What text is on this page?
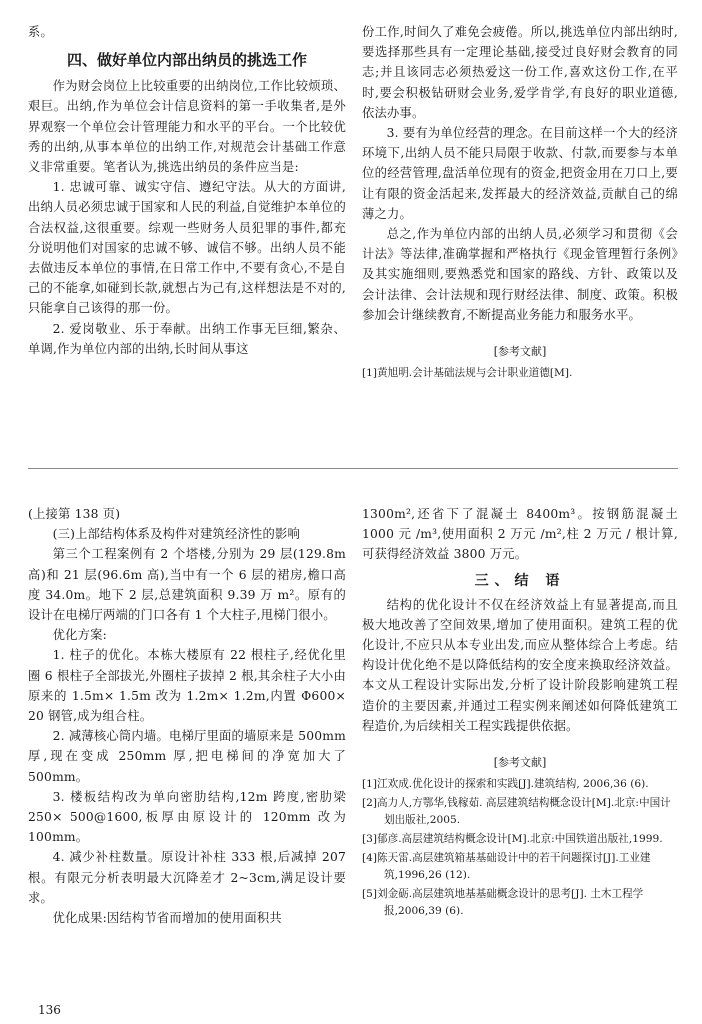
系。

四、做好单位内部出纳员的挑选工作

作为财会岗位上比较重要的出纳岗位,工作比较烦琐、艰巨。出纳,作为单位会计信息资料的第一手收集者,是外界观察一个单位会计管理能力和水平的平台。一个比较优秀的出纳,从事本单位的出纳工作,对规范会计基础工作意义非常重要。笔者认为,挑选出纳员的条件应当是:

1. 忠诚可靠、诚实守信、遵纪守法。从大的方面讲,出纳人员必须忠诚于国家和人民的利益,自觉维护本单位的合法权益,这很重要。综观一些财务人员犯罪的事件,都充分说明他们对国家的忠诚不够、诚信不够。出纳人员不能去做违反本单位的事情,在日常工作中,不要有贪心,不是自己的不能拿,如碰到长款,就想占为己有,这样想法是不对的,只能拿自己该得的那一份。

2. 爱岗敬业、乐于奉献。出纳工作事无巨细,繁杂、单调,作为单位内部的出纳,长时间从事这

份工作,时间久了难免会疲倦。所以,挑选单位内部出纳时,要选择那些具有一定理论基础,接受过良好财会教育的同志;并且该同志必须热爱这一份工作,喜欢这份工作,在平时,要会积极钻研财会业务,爱学肯学,有良好的职业道德,依法办事。

3. 要有为单位经营的理念。在目前这样一个大的经济环境下,出纳人员不能只局限于收款、付款,而要参与本单位的经营管理,盘活单位现有的资金,把资金用在刀口上,要让有限的资金活起来,发挥最大的经济效益,贡献自己的绵薄之力。

总之,作为单位内部的出纳人员,必须学习和贯彻《会计法》等法律,准确掌握和严格执行《现金管理暂行条例》及其实施细则,要熟悉党和国家的路线、方针、政策以及会计法律、会计法规和现行财经法律、制度、政策。积极参加会计继续教育,不断提高业务能力和服务水平。

[参考文献]

[1]黄旭明.会计基础法规与会计职业道德[M].

(上接第 138 页)

(三)上部结构体系及构件对建筑经济性的影响

第三个工程案例有 2 个塔楼,分别为 29 层(129.8m 高)和 21 层(96.6m 高),当中有一个 6 层的裙房,檐口高度 34.0m。地下 2 层,总建筑面积 9.39 万 m²。原有的设计在电梯厅两端的门口各有 1 个大柱子,甩梯门很小。

优化方案:

1. 柱子的优化。本栋大楼原有 22 根柱子,经优化里圈 6 根柱子全部拔光,外圈柱子拔掉 2 根,其余柱子大小由原来的 1.5m× 1.5m 改为 1.2m× 1.2m,内置 Φ600× 20 钢管,成为组合柱。

2. 减薄核心筒内墙。电梯厅里面的墙原来是 500mm 厚,现在变成 250mm 厚,把电梯间的净宽加大了 500mm。

3. 楼板结构改为单向密肋结构,12m 跨度,密肋梁 250× 500@1600,板厚由原设计的 120mm 改为 100mm。

4. 减少补柱数量。原设计补柱 333 根,后减掉 207 根。有限元分析表明最大沉降差才 2~3cm,满足设计要求。

优化成果:因结构节省而增加的使用面积共

136

1300m²,还省下了混凝土 8400m³。按钢筋混凝土 1000 元 /m³,使用面积 2 万元 /m²,柱 2 万元 / 根计算,可获得经济效益 3800 万元。

三、结 语

结构的优化设计不仅在经济效益上有显著提高,而且极大地改善了空间效果,增加了使用面积。建筑工程的优化设计,不应只从本专业出发,而应从整体综合上考虑。结构设计优化绝不是以降低结构的安全度来换取经济效益。本文从工程设计实际出发,分析了设计阶段影响建筑工程造价的主要因素,并通过工程实例来阐述如何降低建筑工程造价,为后续相关工程实践提供依据。

[参考文献]

[1]江欢成.优化设计的探索和实践[J].建筑结构, 2006,36 (6).

[2]高力人,方鄂华,钱稼茹. 高层建筑结构概念设计[M].北京:中国计划出版社,2005.

[3]郁彦.高层建筑结构概念设计[M].北京:中国铁道出版社,1999.

[4]陈天雷.高层建筑箱基基础设计中的若干问题探讨[J].工业建筑,1996,26 (12).

[5]刘金砺.高层建筑地基基础概念设计的思考[J]. 土木工程学报,2006,39 (6).
